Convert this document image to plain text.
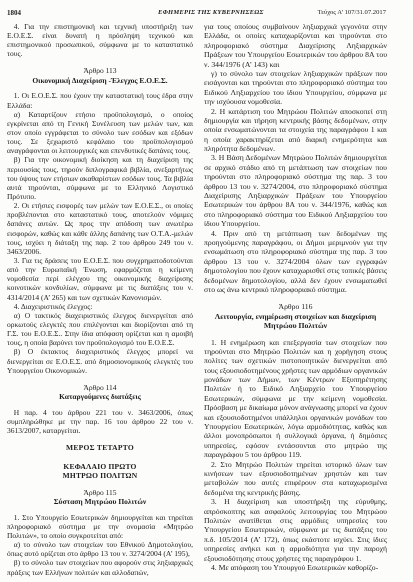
1804	ΕΦΗΜΕΡΙΣ ΤΗΣ ΚΥΒΕΡΝΗΣΕΩΣ	Τεύχος Α’ 107/31.07.2017

4. Για την επιστημονική και τεχνική υποστήριξη των Ε.Ο.Ε.Σ. είναι δυνατή η πρόσληψη τεχνικού και επιστημονικού προσωπικού, σύμφωνα με το καταστατικό τους.

Άρθρο 113
Οικονομική Διαχείριση -Έλεγχος Ε.Ο.Ε.Σ.

1. Οι Ε.Ο.Ε.Σ. που έχουν την καταστατική τους έδρα στην Ελλάδα:

α) Καταρτίζουν ετήσιο προϋπολογισμό, ο οποίος εγκρίνεται από τη Γενική Συνέλευση των μελών των, και στον οποίο εγγράφεται το σύνολο των εσόδων και εξόδων τους. Σε ξεχωριστό κεφάλαιο του προϋπολογισμού αναγράφονται οι λειτουργικές και επενδυτικές δαπάνες τους.

β) Για την οικονομική διοίκηση και τη διαχείριση της περιουσίας τους, τηρούν διπλογραφικά βιβλία, ανεξαρτήτως του ύψους των ετήσιων ακαθαρίστων εσόδων τους. Τα βιβλία αυτά τηρούνται, σύμφωνα με το Ελληνικό Λογιστικό Πρότυπο.

2. Οι ετήσιες εισφορές των μελών των Ε.Ο.Ε.Σ., οι οποίες προβλέπονται στο καταστατικό τους, αποτελούν νόμιμες δαπάνες αυτών. Ως προς την απόδοση των ανωτέρω εισφορών, καθώς και κάθε άλλης δαπάνης των Ο.Τ.Α.-μελών τους, ισχύει η διάταξη της παρ. 2 του άρθρου 249 του ν. 3463/2006.

3. Για τις δράσεις του Ε.Ο.Ε.Σ. που συγχρηματοδοτούνται από την Ευρωπαϊκή Ένωση, εφαρμόζεται η κείμενη νομοθεσία περί ελέγχου της οικονομικής διαχείρισης κοινοτικών κονδυλίων, σύμφωνα με τις διατάξεις του ν. 4314/2014 (Α’ 265) και των σχετικών Κανονισμών.

4. Διαχειριστικός έλεγχος:

α) Ο τακτικός διαχειριστικός έλεγχος διενεργείται από ορκωτούς ελεγκτές που επιλέγονται και διορίζονται από τη Γ.Σ. του Ε.Ο.Ε.Σ.. Στην ίδια απόφαση ορίζεται και η αμοιβή τους, η οποία βαρύνει τον προϋπολογισμό του Ε.Ο.Ε.Σ.

β) Ο έκτακτος διαχειριστικός έλεγχος μπορεί να διενεργείται σε Ε.Ο.Ε.Σ. από δημοσιονομικούς ελεγκτές του Υπουργείου Οικονομικών.

Άρθρο 114
Καταργούμενες διατάξεις

Η παρ. 4 του άρθρου 221 του ν. 3463/2006, όπως συμπληρώθηκε με την παρ. 16 του άρθρου 22 του ν. 3613/2007, καταργείται.

ΜΕΡΟΣ ΤΕΤΑΡΤΟ
ΚΕΦΑΛΑΙΟ ΠΡΩΤΟ
ΜΗΤΡΩΟ ΠΟΛΙΤΩΝ
Άρθρο 115
Σύσταση Μητρώου Πολιτών

1. Στο Υπουργείο Εσωτερικών δημιουργείται και τηρείται πληροφοριακό σύστημα με την ονομασία «Μητρώο Πολιτών», το οποίο συγκροτείται από:

α) το σύνολο των στοιχείων του Εθνικού Δημοτολογίου, όπως αυτό ορίζεται στο άρθρο 13 του ν. 3274/2004 (Α’ 195),

β) το σύνολο των στοιχείων που αφορούν στις ληξιαρχικές πράξεις των Ελλήνων πολιτών και αλλοδαπών,

για τους οποίους συμβαίνουν ληξιαρχικά γεγονότα στην Ελλάδα, οι οποίες καταχωρίζονται και τηρούνται στο πληροφοριακό σύστημα Διαχείρισης Ληξιαρχικών Πράξεων του Υπουργείου Εσωτερικών του άρθρου 8Α του ν. 344/1976 (Α’ 143) και

γ) το σύνολο των στοιχείων ληξιαρχικών πράξεων που εισάγονται και τηρούνται στο πληροφοριακό σύστημα του Ειδικού Ληξιαρχείου του ίδιου Υπουργείου, σύμφωνα με την ισχύουσα νομοθεσία.

2. Η κατάρτιση του Μητρώου Πολιτών αποσκοπεί στη δημιουργία και τήρηση κεντρικής βάσης δεδομένων, στην οποία ενσωματώνονται τα στοιχεία της παραγράφου 1 και η οποία χαρακτηρίζεται από διαρκή ενημερότητα και πληρότητα δεδομένων.

3. Η Βάση Δεδομένων Μητρώου Πολιτών δημιουργείται σε αρχικό στάδιο από τη μετάπτωση των στοιχείων που τηρούνται στο πληροφοριακό σύστημα της παρ. 3 του άρθρου 13 του ν. 3274/2004, στο πληροφοριακό σύστημα Διαχείρισης Ληξιαρχικών Πράξεων του Υπουργείου Εσωτερικών του άρθρου 8Α του ν. 344/1976, καθώς και στο πληροφοριακό σύστημα του Ειδικού Ληξιαρχείου του ίδιου Υπουργείου.

4. Πριν από τη μετάπτωση των δεδομένων της προηγούμενης παραγράφου, οι Δήμοι μεριμνούν για την ενσωμάτωση στο πληροφοριακό σύστημα της παρ. 3 του άρθρου 13 του ν. 3274/2004 όλων των εγγραφών δημοτολογίου που έχουν καταχωρισθεί στις τοπικές βάσεις δεδομένων δημοτολογίου, αλλά δεν έχουν ενσωματωθεί στο ως άνω κεντρικό πληροφοριακό σύστημα.

Άρθρο 116
Λειτουργία, ενημέρωση στοιχείων και διαχείριση Μητρώου Πολιτών

1. Η ενημέρωση και επεξεργασία των στοιχείων που τηρούνται στο Μητρώο Πολιτών και η χορήγηση στους πολίτες των σχετικών πιστοποιητικών διενεργείται από τους εξουσιοδοτημένους χρήστες των αρμόδιων οργανικών μονάδων των Δήμων, των Κέντρων Εξυπηρέτησης Πολιτών ή το Ειδικό Ληξιαρχείο του Υπουργείου Εσωτερικών, σύμφωνα με την κείμενη νομοθεσία. Πρόσβαση με δικαίωμα μόνον ανάγνωσης μπορεί να έχουν και εξουσιοδοτημένοι υπάλληλοι οργανικών μονάδων του Υπουργείου Εσωτερικών, λόγω αρμοδιότητας, καθώς και άλλοι μονοπρόσωποι ή συλλογικά όργανα, ή δημόσιες υπηρεσίες, εφόσον εντάσσονται στο μητρώο της παραγράφου 5 του άρθρου 119.

2. Στο Μητρώο Πολιτών τηρείται ιστορικό όλων των κινήσεων των εξουσιοδοτημένων χρηστών και των μεταβολών που αυτές επιφέρουν στα καταχωρισμένα δεδομένα της κεντρικής βάσης.

3. Η διαχείριση και υποστήριξη της εύρυθμης, απρόσκοπτης και ασφαλούς λειτουργίας του Μητρώου Πολιτών ανατίθεται στις αρμόδιες υπηρεσίες του Υπουργείου Εσωτερικών, σύμφωνα με τις διατάξεις του π.δ. 105/2014 (Α’ 172), όπως εκάστοτε ισχύει. Στις ίδιες υπηρεσίες ανήκει και η αρμοδιότητα για την παροχή εξουσιοδότησης στους χρήστες της παραγράφου 1.

4. Με απόφαση του Υπουργού Εσωτερικών καθορίζο-
